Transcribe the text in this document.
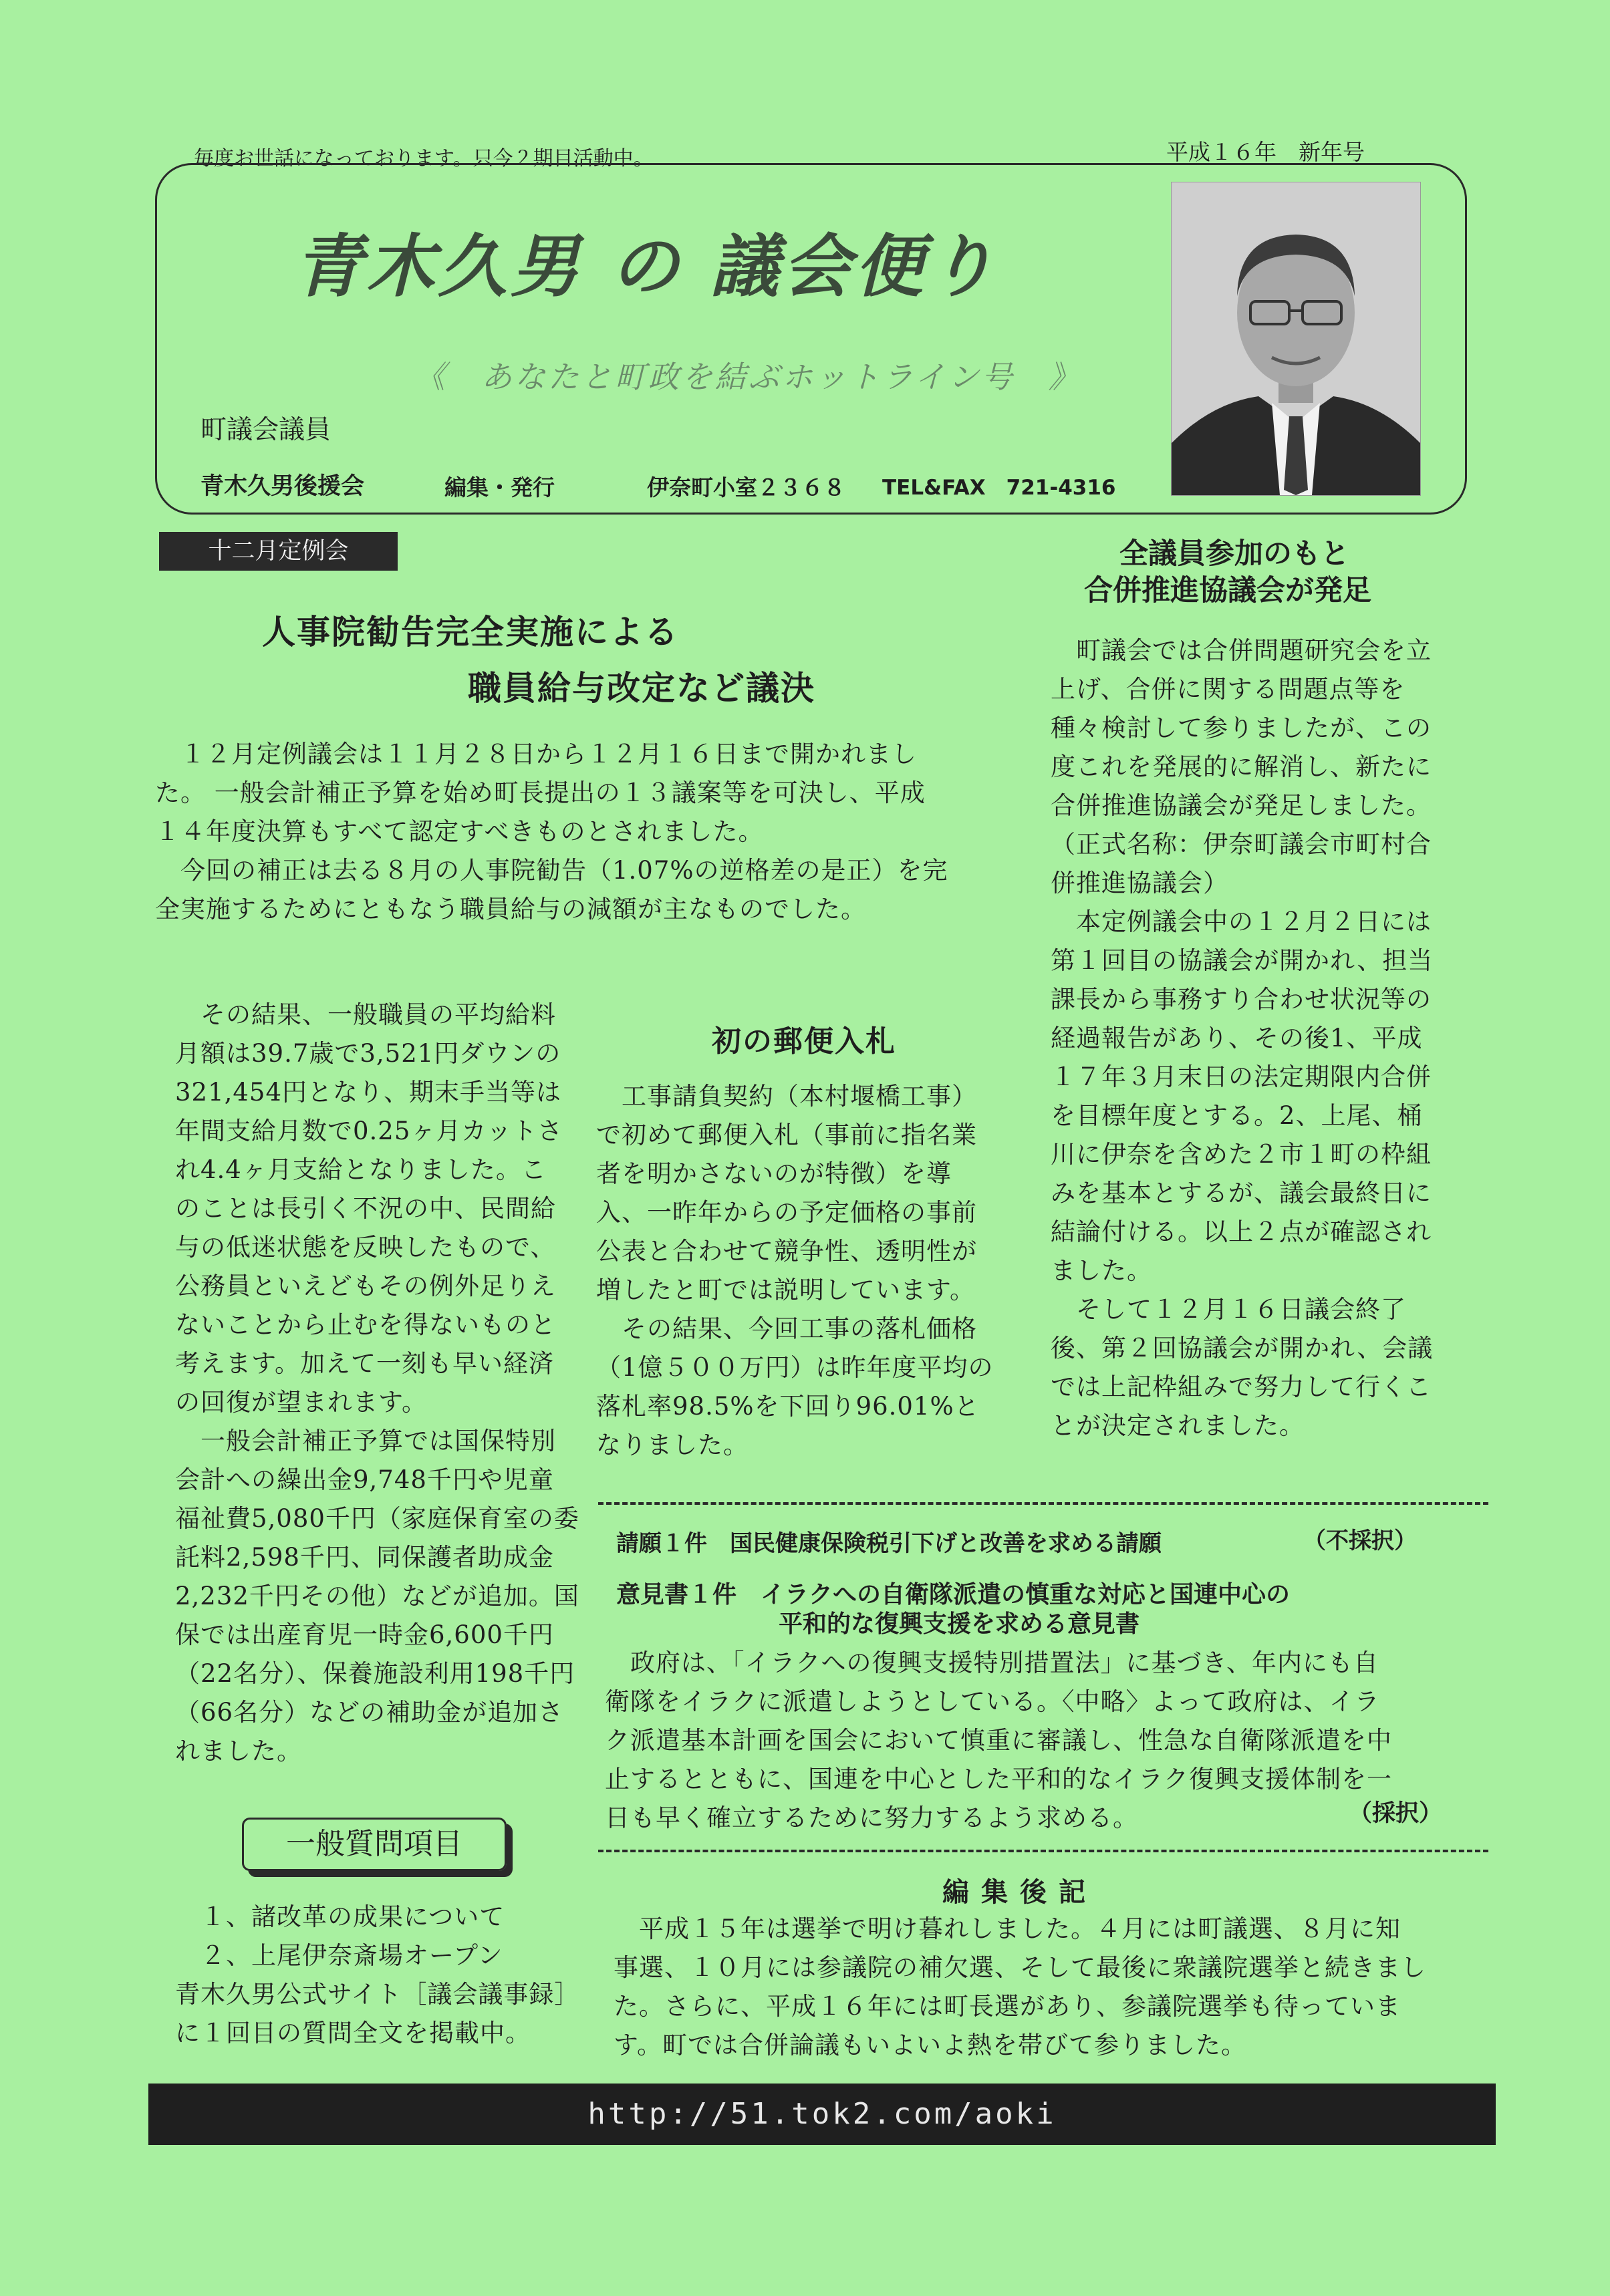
毎度お世話になっております。只今２期目活動中。	平成１６年　新年号
青木久男 の 議会便り
《　あなたと町政を結ぶホットライン号　》
町議会議員
青木久男後援会	編集・発行	伊奈町小室２３６８ TEL&FAX　721-4316
十二月定例会
人事院勧告完全実施による
職員給与改定など議決
　１２月定例議会は１１月２８日から１２月１６日まで開かれまし
た。 一般会計補正予算を始め町長提出の１３議案等を可決し、平成
１４年度決算もすべて認定すべきものとされました。
　今回の補正は去る８月の人事院勧告（1.07%の逆格差の是正）を完
全実施するためにともなう職員給与の減額が主なものでした。
　その結果、一般職員の平均給料
月額は39.7歳で3,521円ダウンの
321,454円となり、期末手当等は
年間支給月数で0.25ヶ月カットさ
れ4.4ヶ月支給となりました。こ
のことは長引く不況の中、民間給
与の低迷状態を反映したもので、
公務員といえどもその例外足りえ
ないことから止むを得ないものと
考えます。加えて一刻も早い経済
の回復が望まれます。
　一般会計補正予算では国保特別
会計への繰出金9,748千円や児童
福祉費5,080千円（家庭保育室の委
託料2,598千円、同保護者助成金
2,232千円その他）などが追加。国
保では出産育児一時金6,600千円
（22名分）、保養施設利用198千円
（66名分）などの補助金が追加さ
れました。
初の郵便入札
　工事請負契約（本村堰橋工事）
で初めて郵便入札（事前に指名業
者を明かさないのが特徴）を導
入、一昨年からの予定価格の事前
公表と合わせて競争性、透明性が
増したと町では説明しています。
　その結果、今回工事の落札価格
（1億５００万円）は昨年度平均の
落札率98.5%を下回り96.01%と
なりました。
全議員参加のもと
合併推進協議会が発足
　町議会では合併問題研究会を立
上げ、合併に関する問題点等を
種々検討して参りましたが、この
度これを発展的に解消し、新たに
合併推進協議会が発足しました。
（正式名称：伊奈町議会市町村合
併推進協議会）
　本定例議会中の１２月２日には
第１回目の協議会が開かれ、担当
課長から事務すり合わせ状況等の
経過報告があり、その後1、平成
１７年３月末日の法定期限内合併
を目標年度とする。2、上尾、桶
川に伊奈を含めた２市１町の枠組
みを基本とするが、議会最終日に
結論付ける。以上２点が確認され
ました。
　そして１２月１６日議会終了
後、第２回協議会が開かれ、会議
では上記枠組みで努力して行くこ
とが決定されました。
請願１件　国民健康保険税引下げと改善を求める請願	（不採択）
意見書１件　イラクへの自衛隊派遣の慎重な対応と国連中心の
平和的な復興支援を求める意見書
　政府は、「イラクへの復興支援特別措置法」に基づき、年内にも自
衛隊をイラクに派遣しようとしている。〈中略〉よって政府は、イラ
ク派遣基本計画を国会において慎重に審議し、性急な自衛隊派遣を中
止するとともに、国連を中心とした平和的なイラク復興支援体制を一
日も早く確立するために努力するよう求める。	（採択）
一般質問項目
　１、諸改革の成果について
　２、上尾伊奈斎場オープン
青木久男公式サイト［議会議事録］
に１回目の質問全文を掲載中。
編集後記
　平成１５年は選挙で明け暮れしました。４月には町議選、８月に知
事選、１０月には参議院の補欠選、そして最後に衆議院選挙と続きまし
た。さらに、平成１６年には町長選があり、参議院選挙も待っていま
す。町では合併論議もいよいよ熱を帯びて参りました。
http://51.tok2.com/aoki
